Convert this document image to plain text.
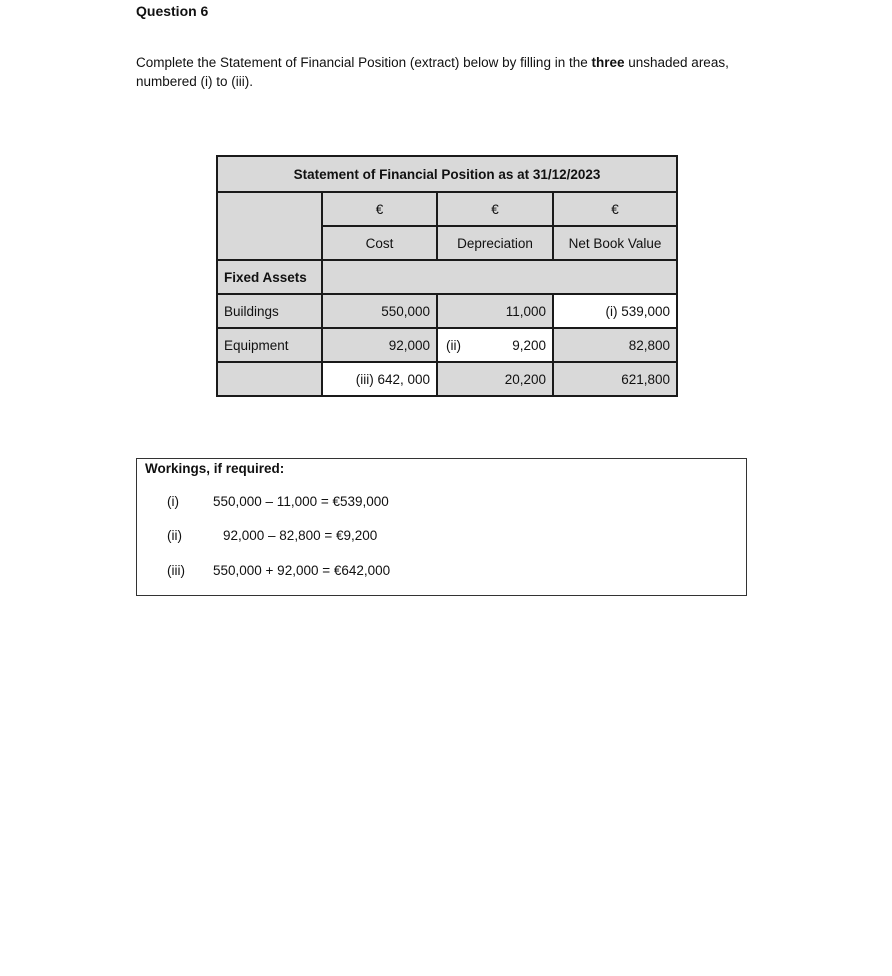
Question 6
Complete the Statement of Financial Position (extract) below by filling in the three unshaded areas, numbered (i) to (iii).
Statement of Financial Position as at 31/12/2023			
	€	€	€
	Cost	Depreciation	Net Book Value
Fixed Assets			
Buildings	550,000	11,000	(i) 539,000
Equipment	92,000	(ii) 9,200	82,800
	(iii) 642, 000	20,200	621,800
Workings, if required:
(i)	550,000 – 11,000 = €539,000
(ii)	92,000 – 82,800 = €9,200
(iii)	550,000 + 92,000 = €642,000
